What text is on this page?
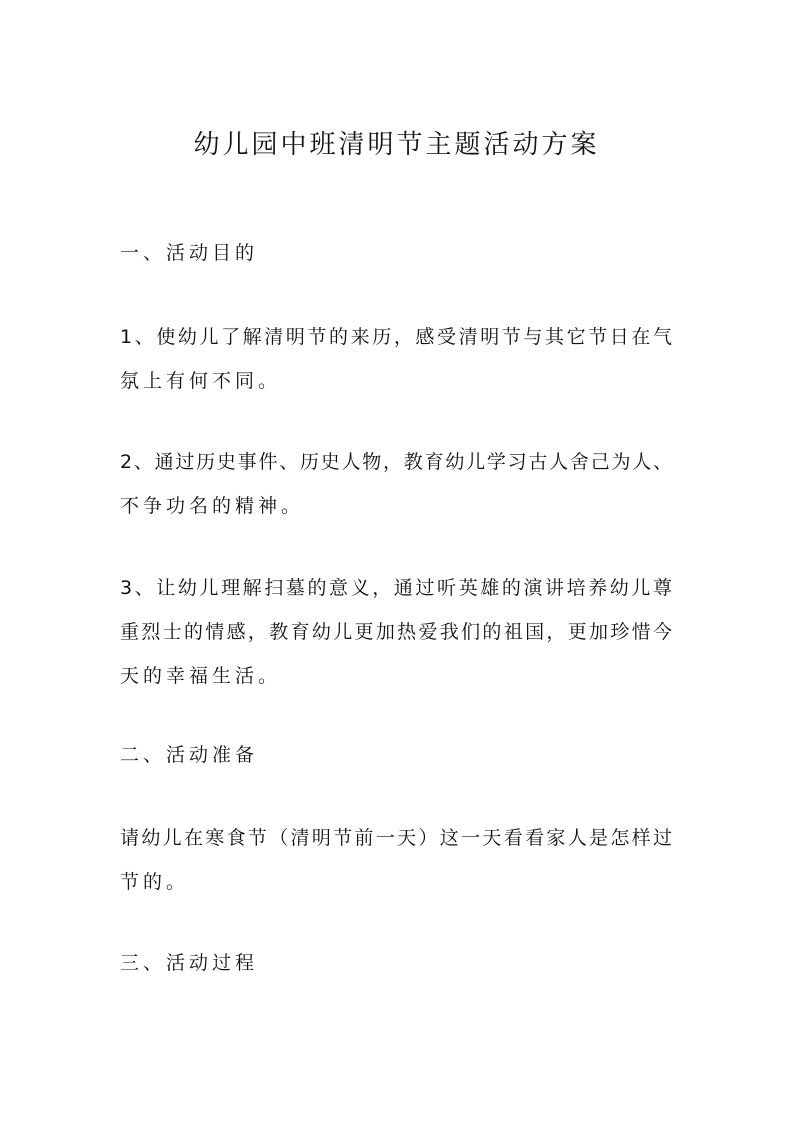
幼儿园中班清明节主题活动方案
一、活动目的
1、使幼儿了解清明节的来历，感受清明节与其它节日在气
氛上有何不同。
2、通过历史事件、历史人物，教育幼儿学习古人舍己为人、
不争功名的精神。
3、让幼儿理解扫墓的意义，通过听英雄的演讲培养幼儿尊
重烈士的情感，教育幼儿更加热爱我们的祖国，更加珍惜今
天的幸福生活。
二、活动准备
请幼儿在寒食节（清明节前一天）这一天看看家人是怎样过
节的。
三、活动过程
